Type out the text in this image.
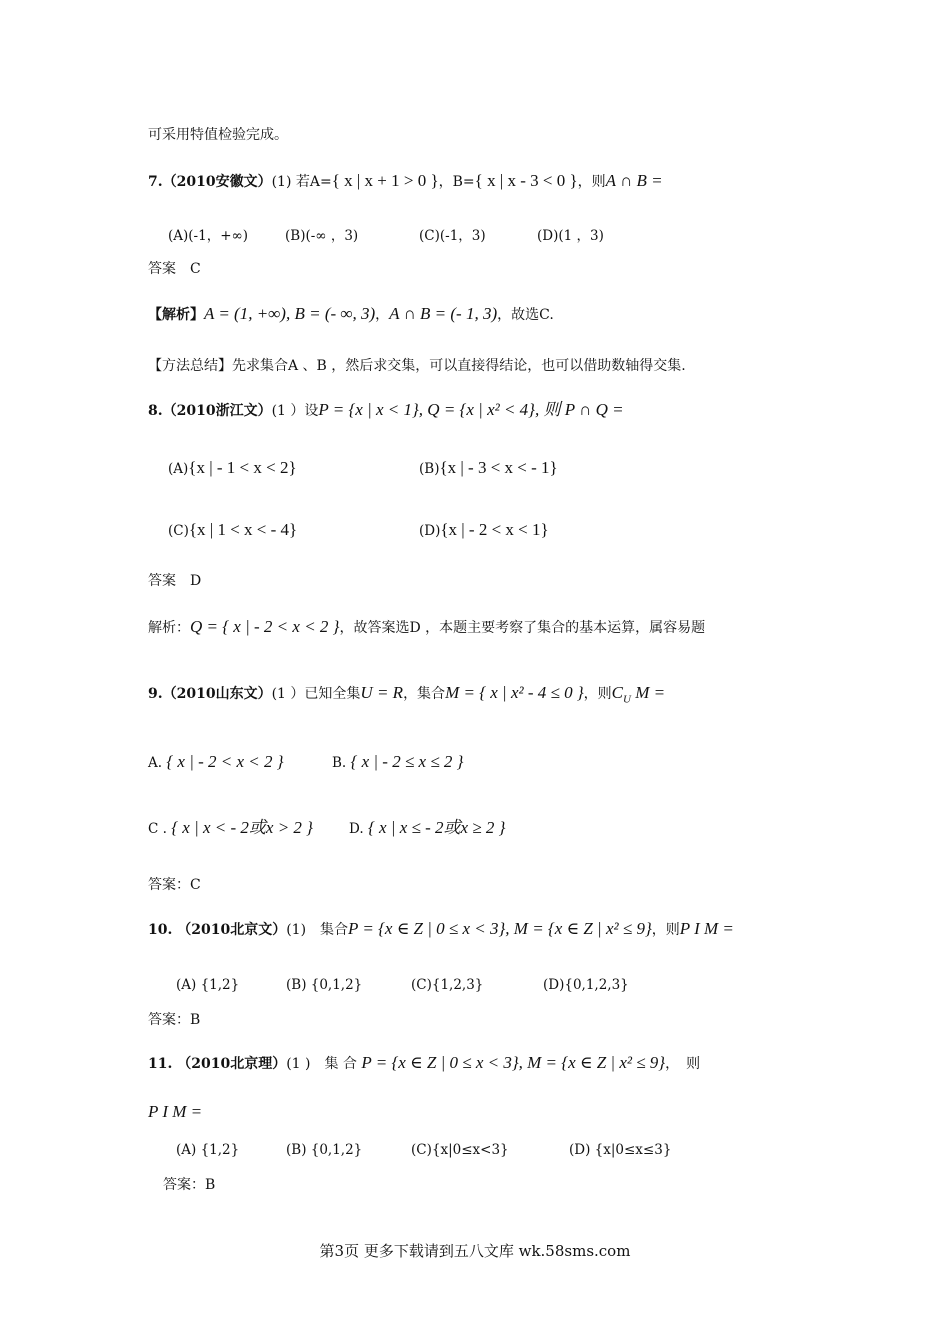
可采用特值检验完成。
7.（2010安徽文）(1) 若A={ x | x + 1 > 0 }，B={ x | x - 3 < 0 }，则A ∩ B =
(A)(-1，+∞)	(B)(-∞ ，3)	(C)(-1，3)	(D)(1 ，3)
答案　C
【解析】A = (1, +∞), B = (- ∞, 3)，A ∩ B = (- 1, 3)，故选C.
【方法总结】先求集合A 、B ，然后求交集，可以直接得结论，也可以借助数轴得交集.
8.（2010浙江文）(1 ）设P = {x | x < 1}, Q = {x | x² < 4}, 则 P ∩ Q =
(A){x | - 1 < x < 2}	(B){x | - 3 < x < - 1}
(C){x | 1 < x < - 4}	(D){x | - 2 < x < 1}
答案　D
解析：Q = { x | - 2 < x < 2 }，故答案选D ，本题主要考察了集合的基本运算，属容易题
9.（2010山东文）(1 ）已知全集U = R，集合M = { x | x² - 4 ≤ 0 }，则$C_U$ M =
A. { x | - 2 < x < 2 }	B. { x | - 2 ≤ x ≤ 2 }
C . { x | x < - 2或x > 2 }	D. { x | x ≤ - 2或x ≥ 2 }
答案：C
10. （2010北京文）(1)　集合P = {x ∈ Z | 0 ≤ x < 3}, M = {x ∈ Z | x² ≤ 9}，则P I M =
(A) {1,2}	(B) {0,1,2}	(C){1,2,3}	(D){0,1,2,3}
答案：B
11. （2010北京理）(1 )　集 合 P = {x ∈ Z | 0 ≤ x < 3}, M = {x ∈ Z | x² ≤ 9}，　则
P I M =
(A) {1,2}	(B) {0,1,2}	(C){x|0≤x<3}	(D) {x|0≤x≤3}
答案：B
第3页 更多下载请到五八文库 wk.58sms.com
